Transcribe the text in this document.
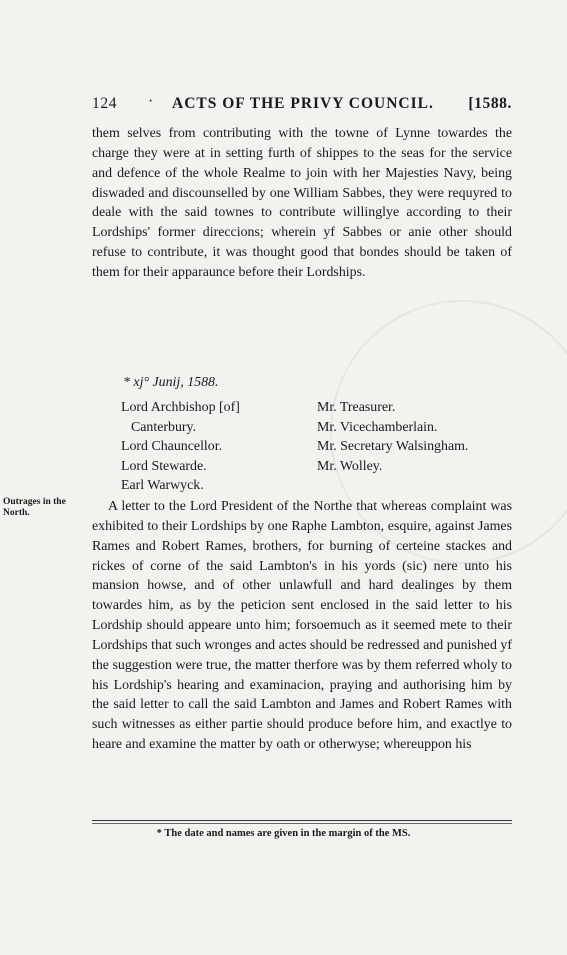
124 · ACTS OF THE PRIVY COUNCIL. [1588.
them selves from contributing with the towne of Lynne towardes the charge they were at in setting furth of shippes to the seas for the service and defence of the whole Realme to join with her Majesties Navy, being diswaded and discounselled by one William Sabbes, they were requyred to deale with the said townes to contribute willinglye according to their Lordships' former direccions; wherein yf Sabbes or anie other should refuse to contribute, it was thought good that bondes should be taken of them for their apparaunce before their Lordships.
* xj° Junij, 1588.
Lord Archbishop [of]
Canterbury.
Lord Chauncellor.
Lord Stewarde.
Earl Warwyck.
Mr. Treasurer.
Mr. Vicechamberlain.
Mr. Secretary Walsingham.
Mr. Wolley.
Outrages in the North.	A letter to the Lord President of the Northe that whereas complaint was exhibited to their Lordships by one Raphe Lambton, esquire, against James Rames and Robert Rames, brothers, for burning of certeine stackes and rickes of corne of the said Lambton's in his yords (sic) nere unto his mansion howse, and of other unlawfull and hard dealinges by them towardes him, as by the peticion sent enclosed in the said letter to his Lordship should appeare unto him; forsoemuch as it seemed mete to their Lordships that such wronges and actes should be redressed and punished yf the suggestion were true, the matter therfore was by them referred wholy to his Lordship's hearing and examinacion, praying and authorising him by the said letter to call the said Lambton and James and Robert Rames with such witnesses as either partie should produce before him, and exactlye to heare and examine the matter by oath or otherwyse; whereuppon his
* The date and names are given in the margin of the MS.
